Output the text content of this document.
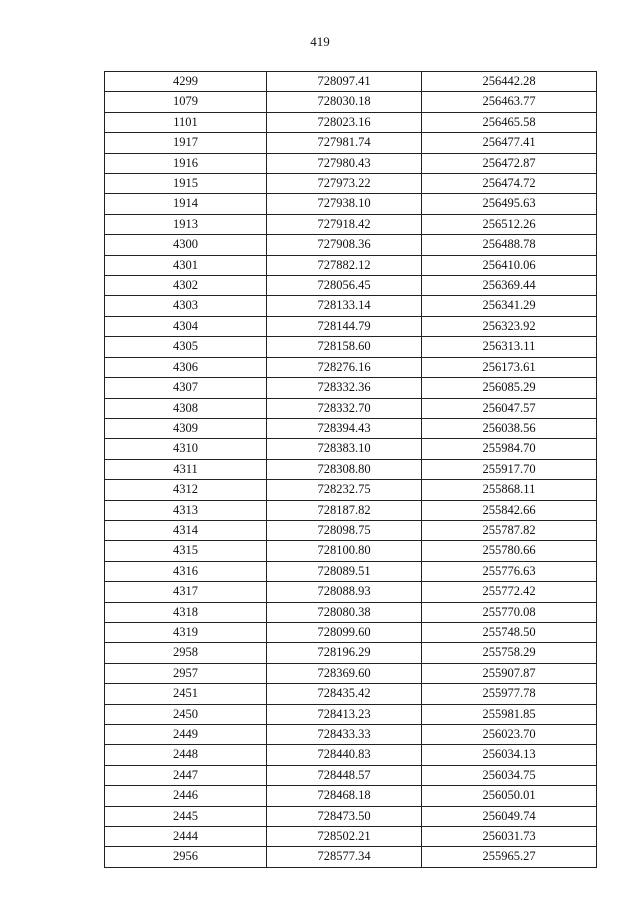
419
4299	728097.41	256442.28
1079	728030.18	256463.77
1101	728023.16	256465.58
1917	727981.74	256477.41
1916	727980.43	256472.87
1915	727973.22	256474.72
1914	727938.10	256495.63
1913	727918.42	256512.26
4300	727908.36	256488.78
4301	727882.12	256410.06
4302	728056.45	256369.44
4303	728133.14	256341.29
4304	728144.79	256323.92
4305	728158.60	256313.11
4306	728276.16	256173.61
4307	728332.36	256085.29
4308	728332.70	256047.57
4309	728394.43	256038.56
4310	728383.10	255984.70
4311	728308.80	255917.70
4312	728232.75	255868.11
4313	728187.82	255842.66
4314	728098.75	255787.82
4315	728100.80	255780.66
4316	728089.51	255776.63
4317	728088.93	255772.42
4318	728080.38	255770.08
4319	728099.60	255748.50
2958	728196.29	255758.29
2957	728369.60	255907.87
2451	728435.42	255977.78
2450	728413.23	255981.85
2449	728433.33	256023.70
2448	728440.83	256034.13
2447	728448.57	256034.75
2446	728468.18	256050.01
2445	728473.50	256049.74
2444	728502.21	256031.73
2956	728577.34	255965.27
